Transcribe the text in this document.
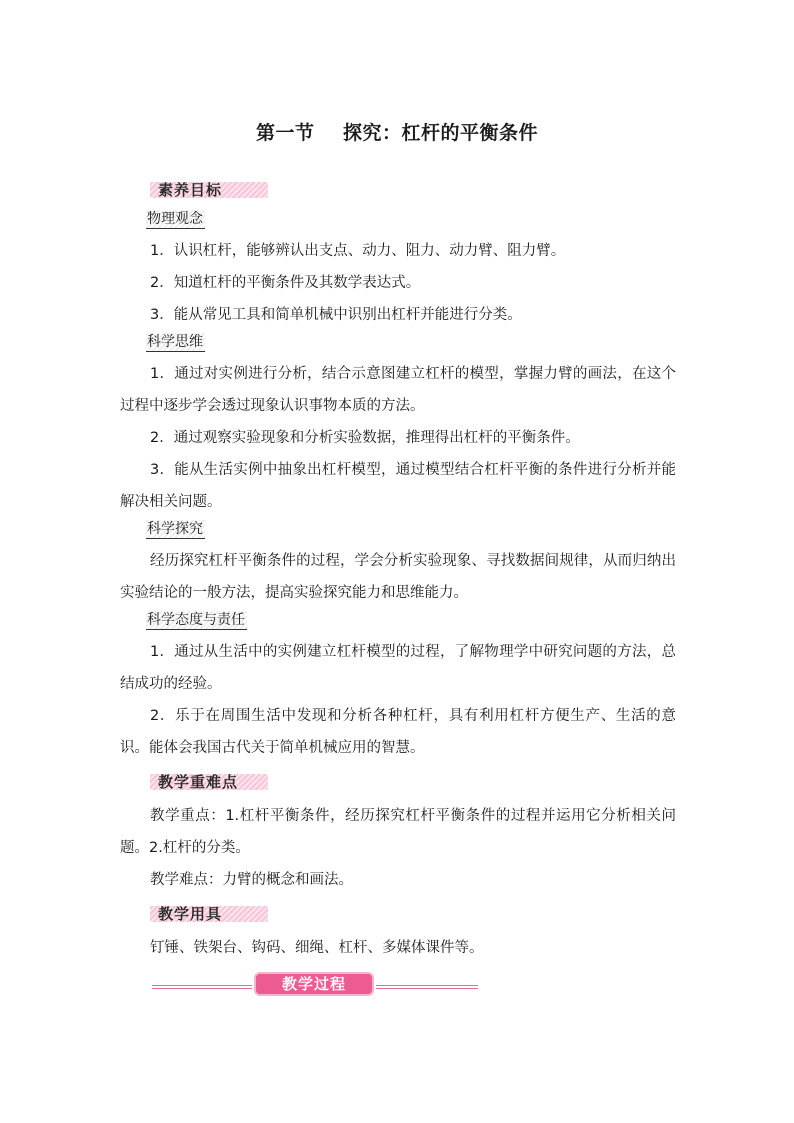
第一节    探究：杠杆的平衡条件
素养目标
物理观念

1．认识杠杆，能够辨认出支点、动力、阻力、动力臂、阻力臂。

2．知道杠杆的平衡条件及其数学表达式。

3．能从常见工具和简单机械中识别出杠杆并能进行分类。

科学思维

1．通过对实例进行分析，结合示意图建立杠杆的模型，掌握力臂的画法，在这个过程中逐步学会透过现象认识事物本质的方法。

2．通过观察实验现象和分析实验数据，推理得出杠杆的平衡条件。

3．能从生活实例中抽象出杠杆模型，通过模型结合杠杆平衡的条件进行分析并能解决相关问题。

科学探究

经历探究杠杆平衡条件的过程，学会分析实验现象、寻找数据间规律，从而归纳出实验结论的一般方法，提高实验探究能力和思维能力。

科学态度与责任

1．通过从生活中的实例建立杠杆模型的过程，了解物理学中研究问题的方法，总结成功的经验。

2．乐于在周围生活中发现和分析各种杠杆，具有利用杠杆方便生产、生活的意识。能体会我国古代关于简单机械应用的智慧。

教学重难点

教学重点：1.杠杆平衡条件，经历探究杠杆平衡条件的过程并运用它分析相关问题。2.杠杆的分类。

教学难点：力臂的概念和画法。

教学用具

钉锤、铁架台、钩码、细绳、杠杆、多媒体课件等。

教学过程
